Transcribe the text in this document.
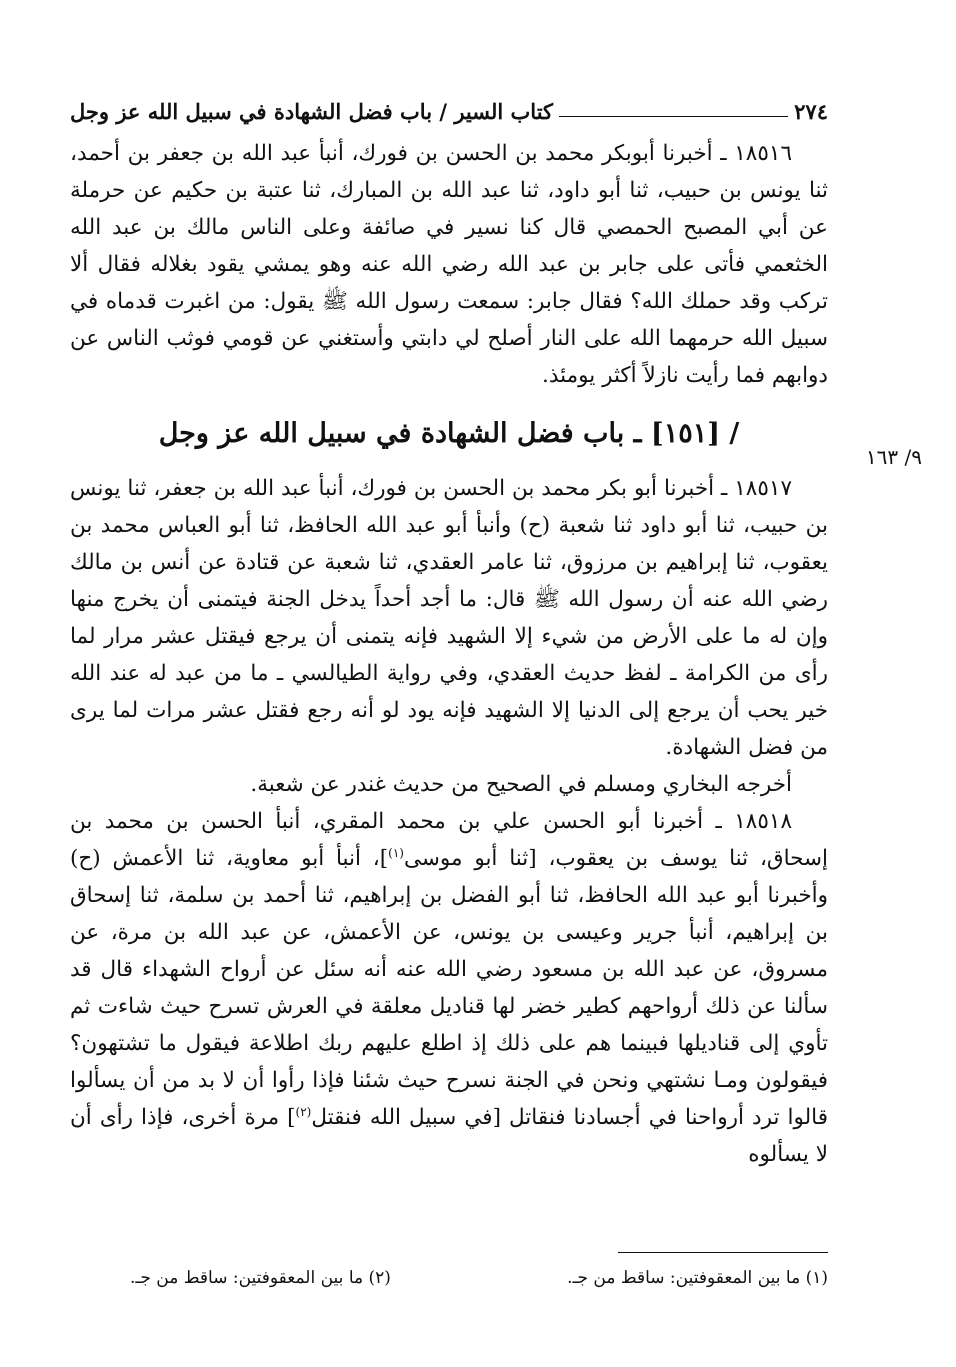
٢٧٤
كتاب السير / باب فضل الشهادة في سبيل الله عز وجل
٩/ ١٦٣

١٨٥١٦ ـ أخبرنا أبوبكر محمد بن الحسن بن فورك، أنبأ عبد الله بن جعفر بن أحمد، ثنا يونس بن حبيب، ثنا أبو داود، ثنا عبد الله بن المبارك، ثنا عتبة بن حكيم عن حرملة عن أبي المصبح الحمصي قال كنا نسير في صائفة وعلى الناس مالك بن عبد الله الخثعمي فأتى على جابر بن عبد الله رضي الله عنه وهو يمشي يقود بغلاله فقال ألا تركب وقد حملك الله؟ فقال جابر: سمعت رسول الله ﷺ يقول: من اغبرت قدماه في سبيل الله حرمهما الله على النار أصلح لي دابتي وأستغني عن قومي فوثب الناس عن دوابهم فما رأيت نازلاً أكثر يومئذ.

/ [١٥١] ـ باب فضل الشهادة في سبيل الله عز وجل

١٨٥١٧ ـ أخبرنا أبو بكر محمد بن الحسن بن فورك، أنبأ عبد الله بن جعفر، ثنا يونس بن حبيب، ثنا أبو داود ثنا شعبة (ح) وأنبأ أبو عبد الله الحافظ، ثنا أبو العباس محمد بن يعقوب، ثنا إبراهيم بن مرزوق، ثنا عامر العقدي، ثنا شعبة عن قتادة عن أنس بن مالك رضي الله عنه أن رسول الله ﷺ قال: ما أجد أحداً يدخل الجنة فيتمنى أن يخرج منها وإن له ما على الأرض من شيء إلا الشهيد فإنه يتمنى أن يرجع فيقتل عشر مرار لما رأى من الكرامة ـ لفظ حديث العقدي، وفي رواية الطيالسي ـ ما من عبد له عند الله خير يحب أن يرجع إلى الدنيا إلا الشهيد فإنه يود لو أنه رجع فقتل عشر مرات لما يرى من فضل الشهادة.

أخرجه البخاري ومسلم في الصحيح من حديث غندر عن شعبة.

١٨٥١٨ ـ أخبرنا أبو الحسن علي بن محمد المقري، أنبأ الحسن بن محمد بن إسحاق، ثنا يوسف بن يعقوب، [ثنا أبو موسى$^{(١)}$]، أنبأ أبو معاوية، ثنا الأعمش (ح) وأخبرنا أبو عبد الله الحافظ، ثنا أبو الفضل بن إبراهيم، ثنا أحمد بن سلمة، ثنا إسحاق بن إبراهيم، أنبأ جرير وعيسى بن يونس، عن الأعمش، عن عبد الله بن مرة، عن مسروق، عن عبد الله بن مسعود رضي الله عنه أنه سئل عن أرواح الشهداء قال قد سألنا عن ذلك أرواحهم كطير خضر لها قناديل معلقة في العرش تسرح حيث شاءت ثم تأوي إلى قناديلها فبينما هم على ذلك إذ اطلع عليهم ربك اطلاعة فيقول ما تشتهون؟ فيقولون ومـا نشتهي ونحن في الجنة نسرح حيث شئنا فإذا رأوا أن لا بد من أن يسألوا قالوا ترد أرواحنا في أجسادنا فنقاتل [في سبيل الله فنقتل$^{(٢)}$] مرة أخرى، فإذا رأى أن لا يسألوه

(١) ما بين المعقوفتين: ساقط من جـ.
(٢) ما بين المعقوفتين: ساقط من جـ.
